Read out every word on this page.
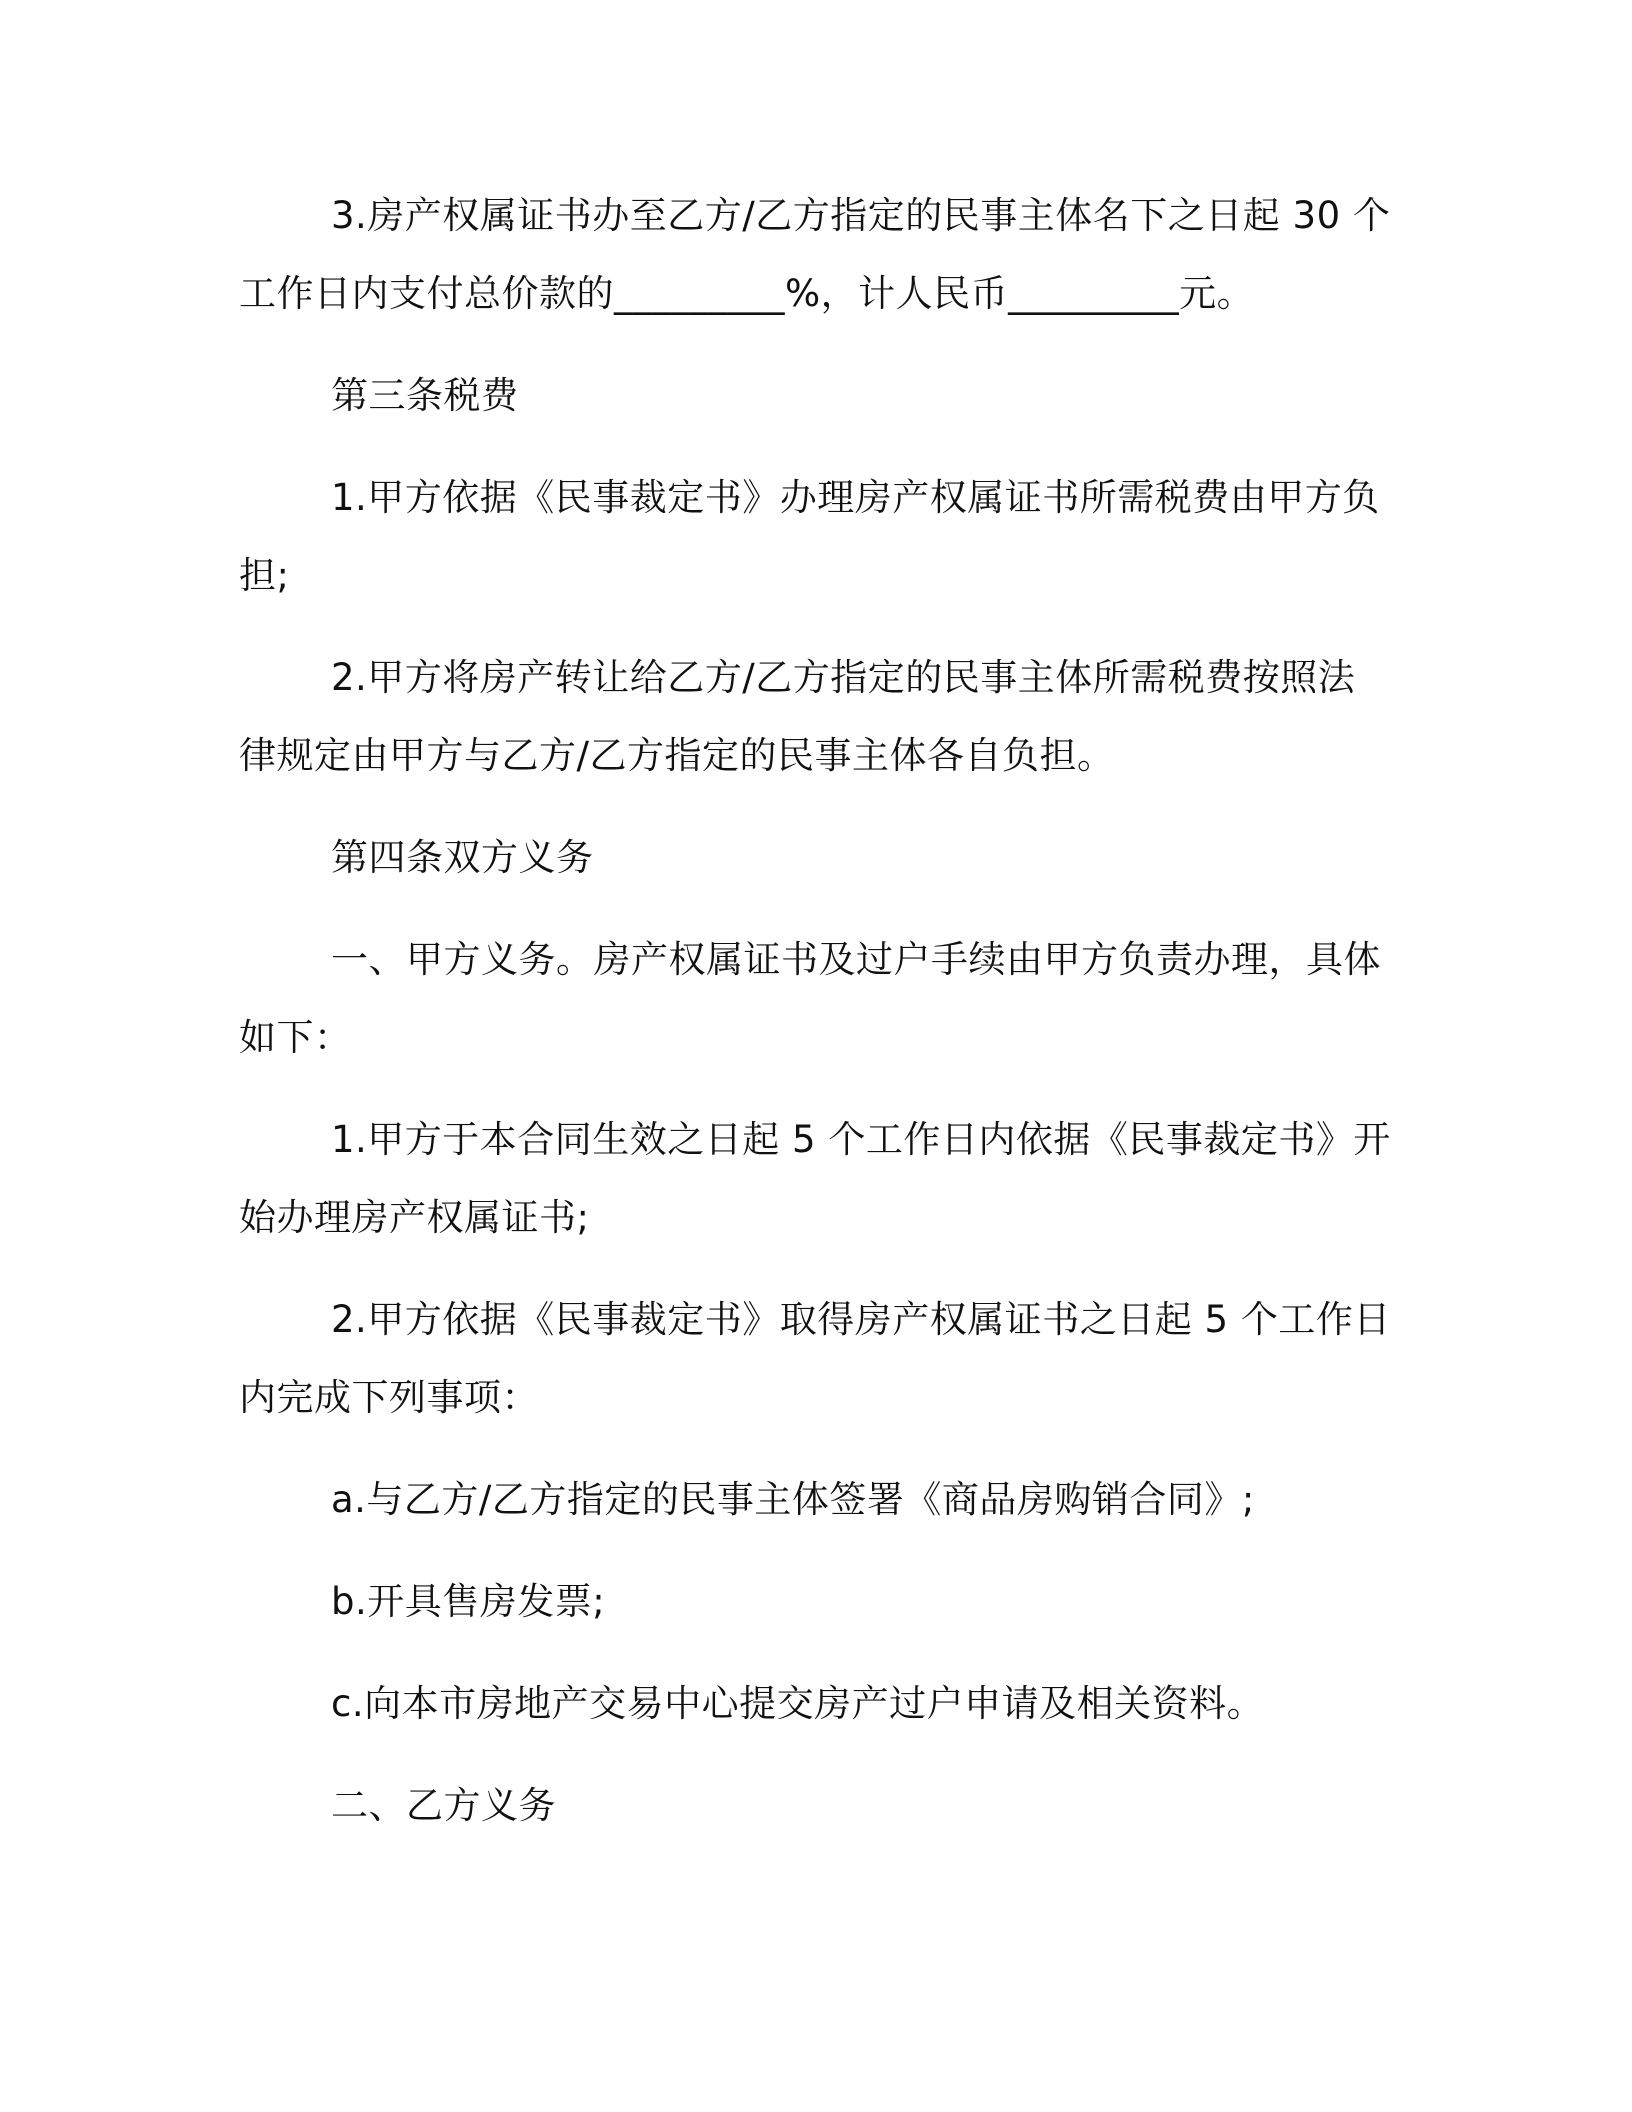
3.房产权属证书办至乙方/乙方指定的民事主体名下之日起 30 个
工作日内支付总价款的_________%，计人民币_________元。
第三条税费
1.甲方依据《民事裁定书》办理房产权属证书所需税费由甲方负
担;
2.甲方将房产转让给乙方/乙方指定的民事主体所需税费按照法
律规定由甲方与乙方/乙方指定的民事主体各自负担。
第四条双方义务
一、甲方义务。房产权属证书及过户手续由甲方负责办理，具体
如下：
1.甲方于本合同生效之日起 5 个工作日内依据《民事裁定书》开
始办理房产权属证书;
2.甲方依据《民事裁定书》取得房产权属证书之日起 5 个工作日
内完成下列事项：
a.与乙方/乙方指定的民事主体签署《商品房购销合同》;
b.开具售房发票;
c.向本市房地产交易中心提交房产过户申请及相关资料。
二、乙方义务
